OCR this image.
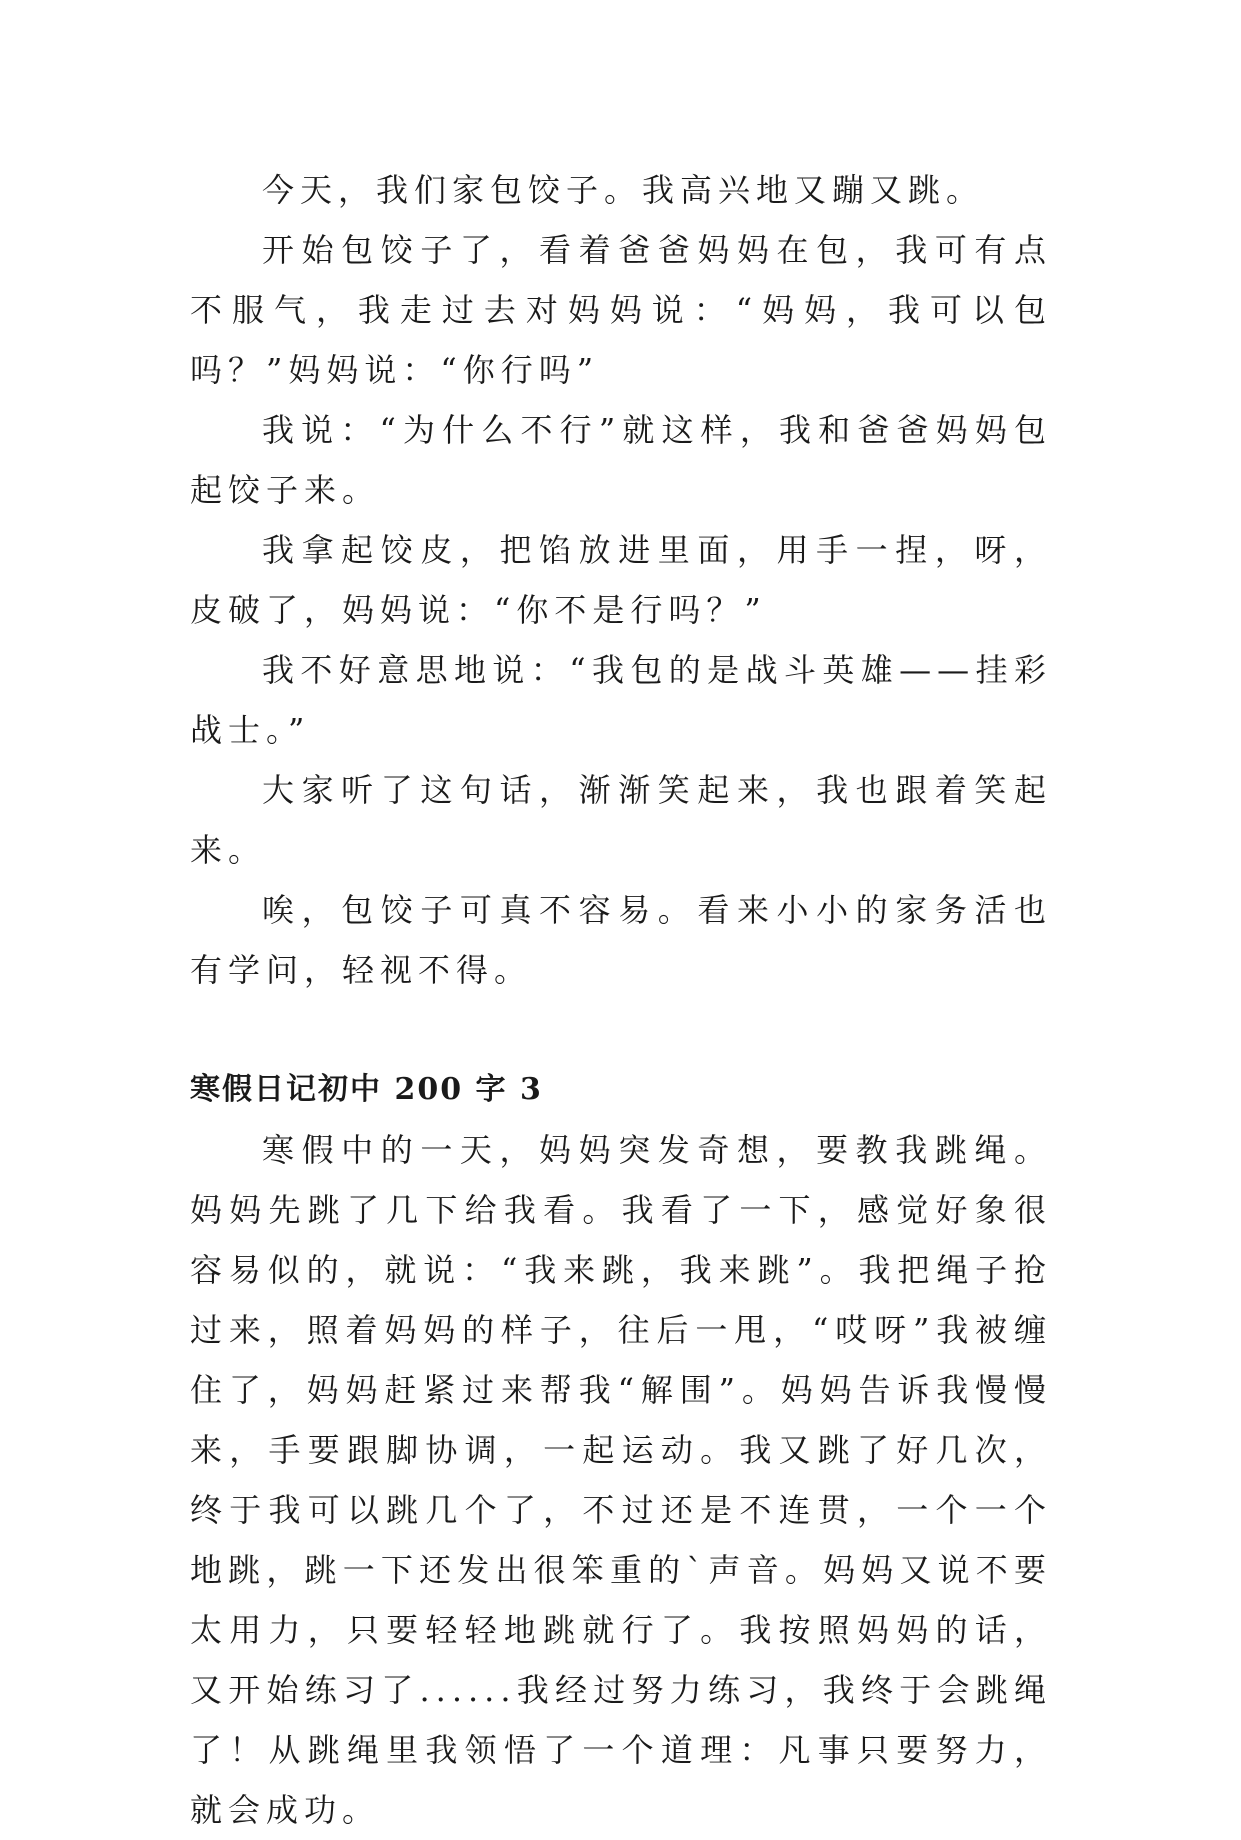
今天，我们家包饺子。我高兴地又蹦又跳。

开始包饺子了，看着爸爸妈妈在包，我可有点不服气，我走过去对妈妈说：“妈妈，我可以包吗？”妈妈说：“你行吗”

我说：“为什么不行”就这样，我和爸爸妈妈包起饺子来。

我拿起饺皮，把馅放进里面，用手一捏，呀，皮破了，妈妈说：“你不是行吗？”

我不好意思地说：“我包的是战斗英雄——挂彩战士。”

大家听了这句话，渐渐笑起来，我也跟着笑起来。

唉，包饺子可真不容易。看来小小的家务活也有学问，轻视不得。

寒假日记初中 200 字 3

寒假中的一天，妈妈突发奇想，要教我跳绳。妈妈先跳了几下给我看。我看了一下，感觉好象很容易似的，就说：“我来跳，我来跳”。我把绳子抢过来，照着妈妈的样子，往后一甩，“哎呀”我被缠住了，妈妈赶紧过来帮我“解围”。妈妈告诉我慢慢来，手要跟脚协调，一起运动。我又跳了好几次，终于我可以跳几个了，不过还是不连贯，一个一个地跳，跳一下还发出很笨重的`声音。妈妈又说不要太用力，只要轻轻地跳就行了。我按照妈妈的话，又开始练习了......我经过努力练习，我终于会跳绳了！从跳绳里我领悟了一个道理：凡事只要努力，就会成功。
